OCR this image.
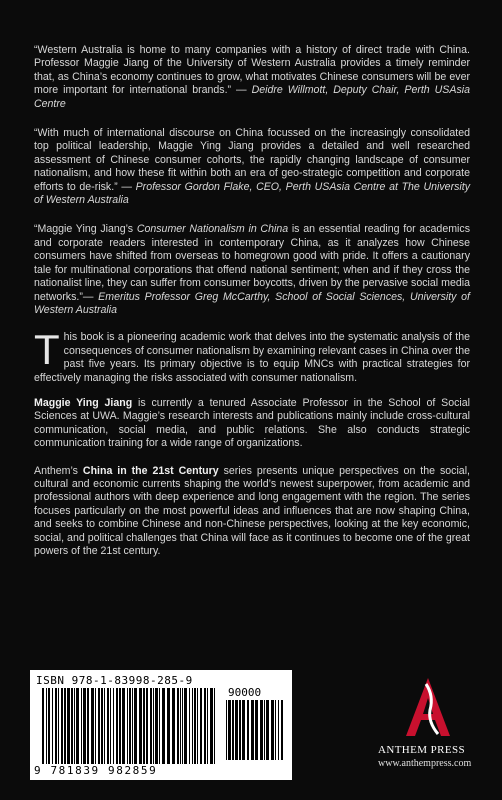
“Western Australia is home to many companies with a history of direct trade with China. Professor Maggie Jiang of the University of Western Australia provides a timely reminder that, as China’s economy continues to grow, what motivates Chinese consumers will be ever more important for international brands.” — Deidre Willmott, Deputy Chair, Perth USAsia Centre

“With much of international discourse on China focussed on the increasingly consolidated top political leadership, Maggie Ying Jiang provides a detailed and well researched assessment of Chinese consumer cohorts, the rapidly changing landscape of consumer nationalism, and how these fit within both an era of geo-strategic competition and corporate efforts to de-risk.” — Professor Gordon Flake, CEO, Perth USAsia Centre at The University of Western Australia

“Maggie Ying Jiang’s Consumer Nationalism in China is an essential reading for academics and corporate readers interested in contemporary China, as it analyzes how Chinese consumers have shifted from overseas to homegrown good with pride. It offers a cautionary tale for multinational corporations that offend national sentiment; when and if they cross the nationalist line, they can suffer from consumer boycotts, driven by the pervasive social media networks.”— Emeritus Professor Greg McCarthy, School of Social Sciences, University of Western Australia

This book is a pioneering academic work that delves into the systematic analysis of the consequences of consumer nationalism by examining relevant cases in China over the past five years. Its primary objective is to equip MNCs with practical strategies for effectively managing the risks associated with consumer nationalism.

Maggie Ying Jiang is currently a tenured Associate Professor in the School of Social Sciences at UWA. Maggie’s research interests and publications mainly include cross-cultural communication, social media, and public relations. She also conducts strategic communication training for a wide range of organizations.

Anthem’s China in the 21st Century series presents unique perspectives on the social, cultural and economic currents shaping the world’s newest superpower, from academic and professional authors with deep experience and long engagement with the region. The series focuses particularly on the most powerful ideas and influences that are now shaping China, and seeks to combine Chinese and non-Chinese perspectives, looking at the key economic, social, and political challenges that China will face as it continues to become one of the great powers of the 21st century.

ISBN 978-1-83998-285-9
90000
9 781839 982859
ANTHEM PRESS
www.anthempress.com
